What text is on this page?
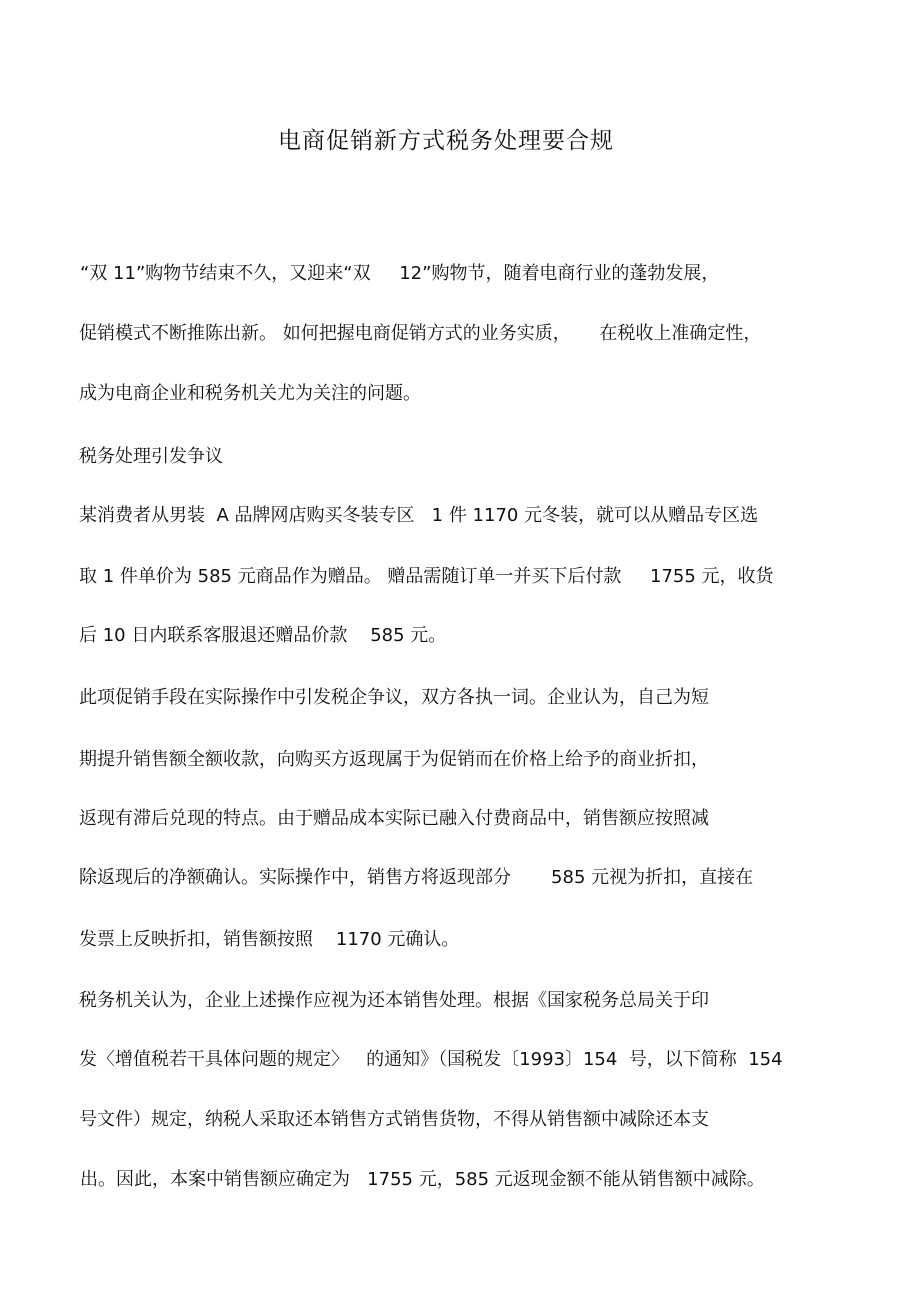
电商促销新方式税务处理要合规
“双 11”购物节结束不久，又迎来“双     12”购物节，随着电商行业的蓬勃发展，
促销模式不断推陈出新。 如何把握电商促销方式的业务实质，     在税收上准确定性，
成为电商企业和税务机关尤为关注的问题。
税务处理引发争议
某消费者从男装  A 品牌网店购买冬装专区   1 件 1170 元冬装，就可以从赠品专区选
取 1 件单价为 585 元商品作为赠品。 赠品需随订单一并买下后付款     1755 元，收货
后 10 日内联系客服退还赠品价款    585 元。
此项促销手段在实际操作中引发税企争议，双方各执一词。企业认为，自己为短
期提升销售额全额收款，向购买方返现属于为促销而在价格上给予的商业折扣，
返现有滞后兑现的特点。由于赠品成本实际已融入付费商品中，销售额应按照减
除返现后的净额确认。实际操作中，销售方将返现部分       585 元视为折扣，直接在
发票上反映折扣，销售额按照    1170 元确认。
税务机关认为，企业上述操作应视为还本销售处理。根据《国家税务总局关于印
发〈增值税若干具体问题的规定〉   的通知》（国税发〔1993〕154  号，以下简称  154
号文件）规定，纳税人采取还本销售方式销售货物，不得从销售额中减除还本支
出。因此，本案中销售额应确定为   1755 元，585 元返现金额不能从销售额中减除。
